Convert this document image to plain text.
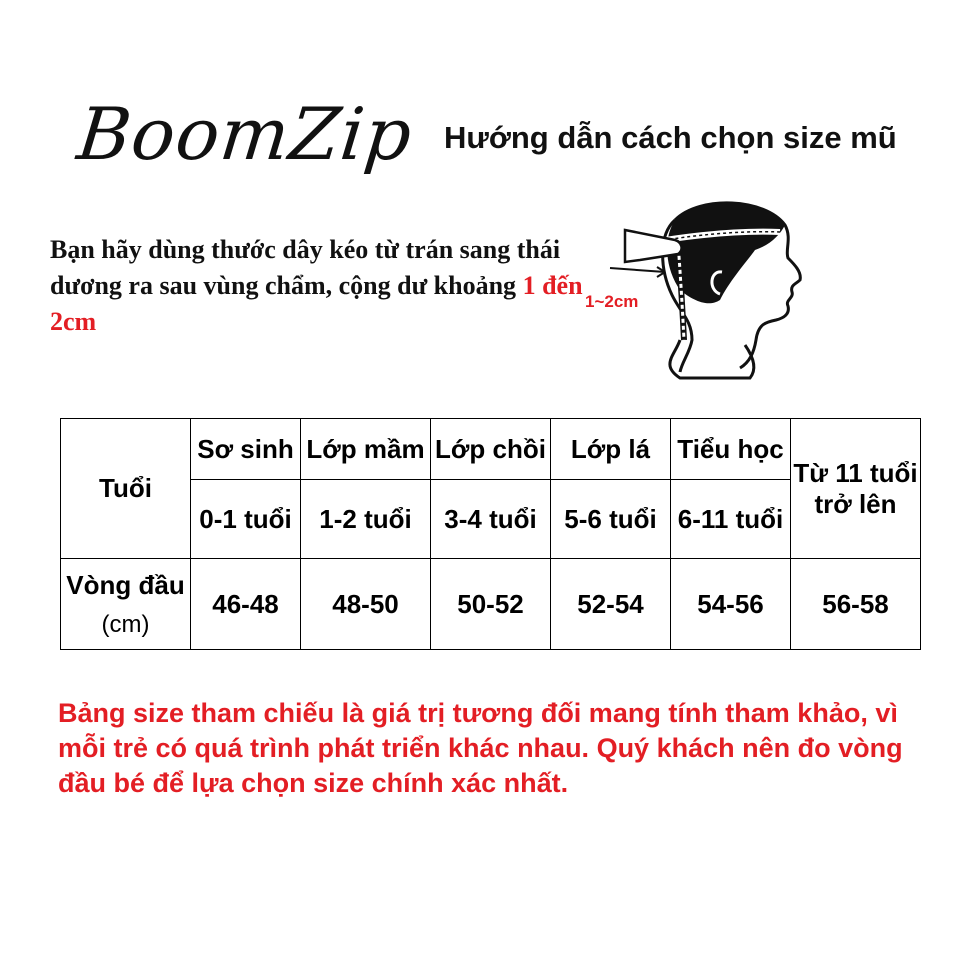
BoomZip Hướng dẫn cách chọn size mũ
Bạn hãy dùng thước dây kéo từ trán sang thái dương ra sau vùng chẩm, cộng dư khoảng 1 đến 2cm
1~2cm
Tuổi	Sơ sinh	Lớp mầm	Lớp chồi	Lớp lá	Tiểu học	Từ 11 tuổi trở lên
	0-1 tuổi	1-2 tuổi	3-4 tuổi	5-6 tuổi	6-11 tuổi	

Vòng đầu
(cm)	46-48	48-50	50-52	52-54	54-56	56-58
Bảng size tham chiếu là giá trị tương đối mang tính tham khảo, vì mỗi trẻ có quá trình phát triển khác nhau. Quý khách nên đo vòng đầu bé để lựa chọn size chính xác nhất.
